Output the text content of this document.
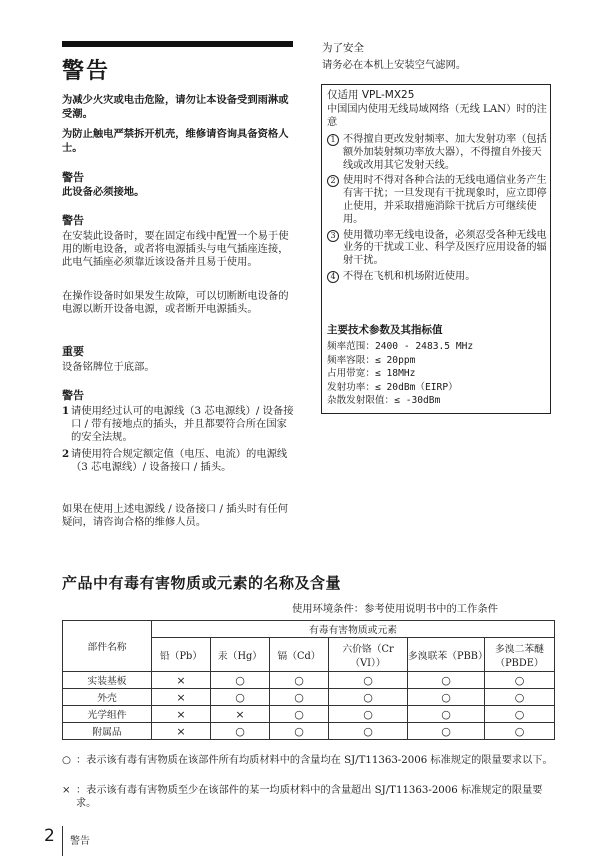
警告
为减少火灾或电击危险，请勿让本设备受到雨淋或受潮。
为防止触电严禁拆开机壳，维修请咨询具备资格人士。
警告
此设备必须接地。
警告
在安装此设备时，要在固定布线中配置一个易于使用的断电设备，或者将电源插头与电气插座连接，此电气插座必须靠近该设备并且易于使用。
在操作设备时如果发生故障，可以切断断电设备的电源以断开设备电源，或者断开电源插头。
重要
设备铭牌位于底部。
警告
1 请使用经过认可的电源线（3 芯电源线）/ 设备接口 / 带有接地点的插头，并且都要符合所在国家的安全法规。
2 请使用符合规定额定值（电压、电流）的电源线（3 芯电源线）/ 设备接口 / 插头。
如果在使用上述电源线 / 设备接口 / 插头时有任何疑问，请咨询合格的维修人员。
为了安全
请务必在本机上安装空气滤网。
仅适用 VPL-MX25
中国国内使用无线局域网络（无线 LAN）时的注意
1 不得擅自更改发射频率、加大发射功率（包括额外加装射频功率放大器），不得擅自外接天线或改用其它发射天线。
2 使用时不得对各种合法的无线电通信业务产生有害干扰；一旦发现有干扰现象时，应立即停止使用，并采取措施消除干扰后方可继续使用。
3 使用微功率无线电设备，必须忍受各种无线电业务的干扰或工业、科学及医疗应用设备的辐射干扰。
4 不得在飞机和机场附近使用。
主要技术参数及其指标值
频率范围：2400 - 2483.5 MHz
频率容限：≤ 20ppm
占用带宽：≤ 18MHz
发射功率：≤ 20dBm（EIRP）
杂散发射限值：≤ -30dBm
产品中有毒有害物质或元素的名称及含量
使用环境条件：参考使用说明书中的工作条件
部件名称	有毒有害物质或元素					
	铅（Pb）	汞（Hg）	镉（Cd）	六价铬（Cr（VI））	多溴联苯（PBB）	多溴二苯醚（PBDE）
实装基板	×	○	○	○	○	○
外壳	×	○	○	○	○	○
光学组件	×	×	○	○	○	○
附属品	×	○	○	○	○	○
○ ：表示该有毒有害物质在该部件所有均质材料中的含量均在 SJ/T11363-2006 标准规定的限量要求以下。
× ：表示该有毒有害物质至少在该部件的某一均质材料中的含量超出 SJ/T11363-2006 标准规定的限量要求。
2 警告
